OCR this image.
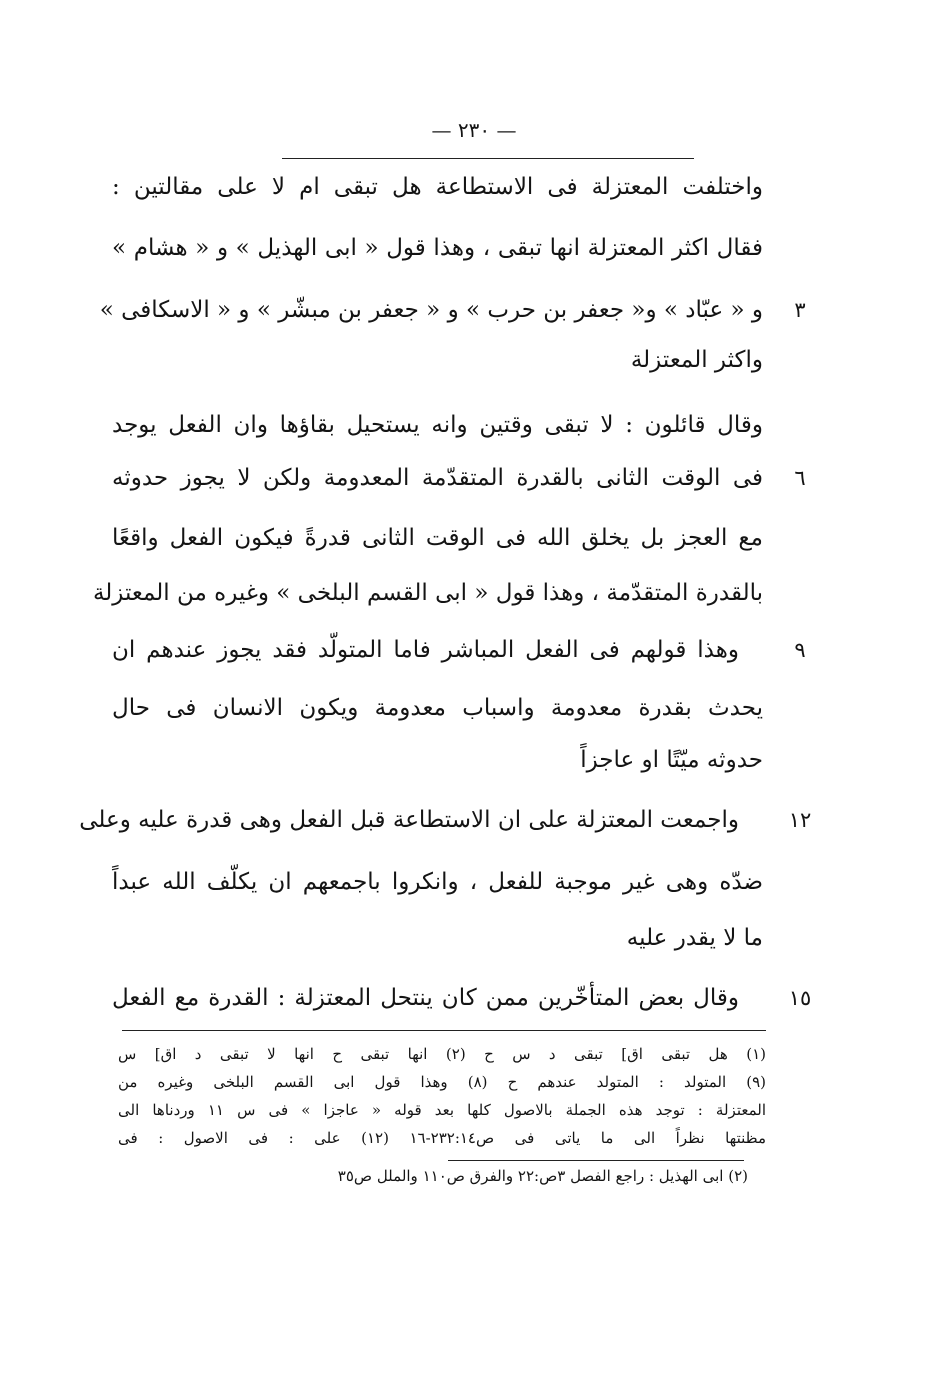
— ٢٣٠ —
واختلفت المعتزلة فى الاستطاعة هل تبقى ام لا على مقالتين :
فقال اكثر المعتزلة انها تبقى ، وهذا قول « ابى الهذيل » و « هشام »
٣
و « عبّاد » و« جعفر بن حرب » و « جعفر بن مبشّر » و « الاسكافى »
واكثر المعتزلة
وقال قائلون : لا تبقى وقتين وانه يستحيل بقاؤها وان الفعل يوجد
٦
فى الوقت الثانى بالقدرة المتقدّمة المعدومة ولكن لا يجوز حدوثه
مع العجز بل يخلق الله فى الوقت الثانى قدرةً فيكون الفعل واقعًا
بالقدرة المتقدّمة ، وهذا قول « ابى القسم البلخى » وغيره من المعتزلة
٩
وهذا قولهم فى الفعل المباشر فاما المتولّد فقد يجوز عندهم ان
يحدث بقدرة معدومة واسباب معدومة ويكون الانسان فى حال
حدوثه ميّتًا او عاجزاً
١٢
واجمعت المعتزلة على ان الاستطاعة قبل الفعل وهى قدرة عليه وعلى
ضدّه وهى غير موجبة للفعل ، وانكروا باجمعهم ان يكلّف الله عبداً
ما لا يقدر عليه
١٥
وقال بعض المتأخّرين ممن كان ينتحل المعتزلة : القدرة مع الفعل
(١) هل تبقى اق] تبقى د س ح (٢) انها تبقى ح انها لا تبقى د اق] س
(٩) المتولد : المتولد عندهم ح (٨) وهذا قول ابى القسم البلخى وغيره من
المعتزلة : توجد هذه الجملة بالاصول كلها بعد قوله « عاجزا » فى س ١١ وردناها الى
مظنتها نظراً الى ما ياتى فى ص٢٣٢:١٤-١٦ (١٢) على : فى الاصول : فى
(٢) ابى الهذيل : راجع الفصل ٣ص:٢٢ والفرق ص١١٠ والملل ص٣٥
